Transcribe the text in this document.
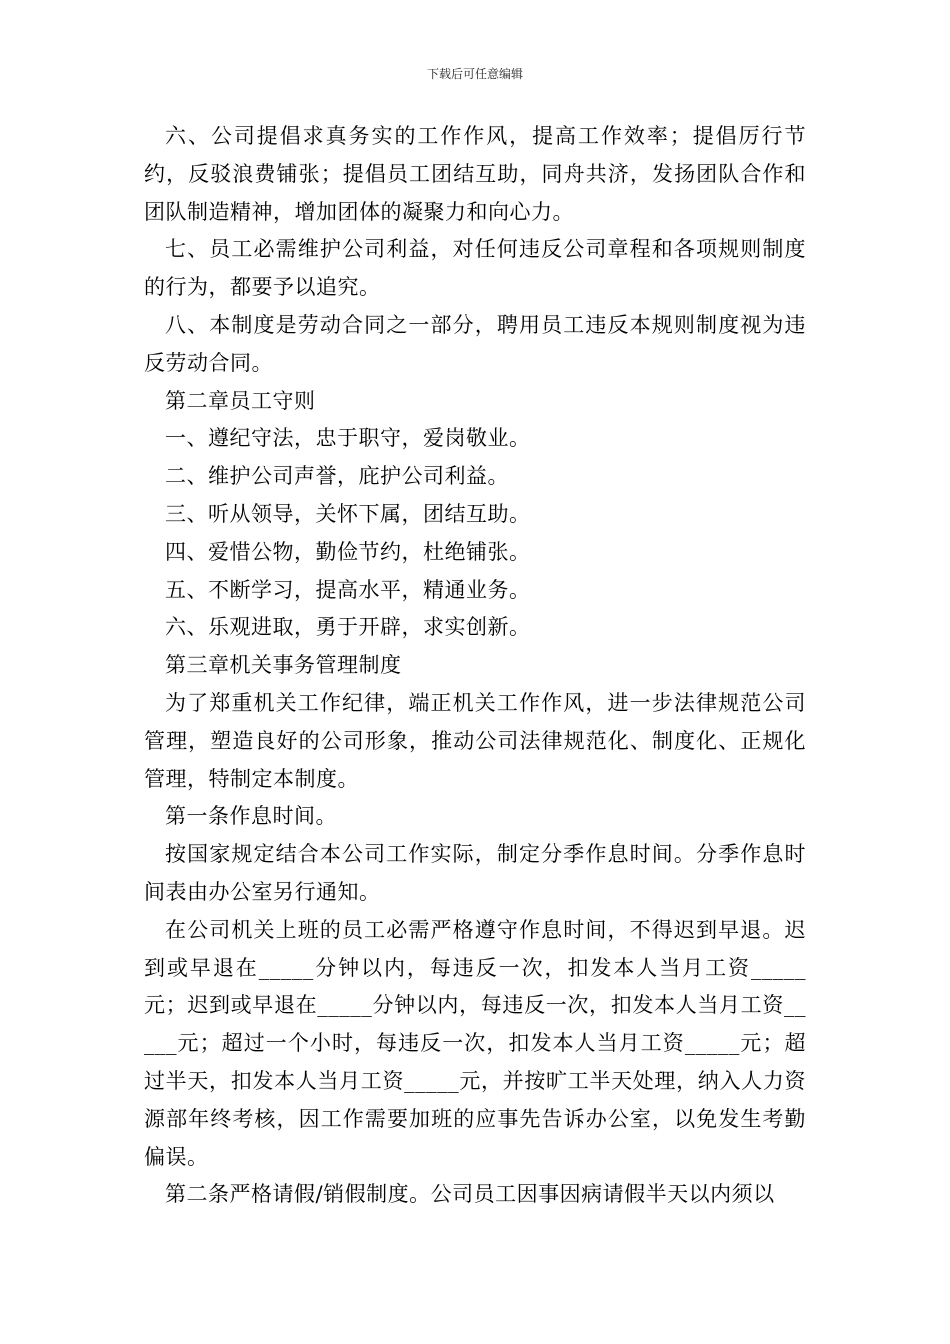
下载后可任意编辑

六、公司提倡求真务实的工作作风，提高工作效率；提倡厉行节约，反驳浪费铺张；提倡员工团结互助，同舟共济，发扬团队合作和团队制造精神，增加团体的凝聚力和向心力。

七、员工必需维护公司利益，对任何违反公司章程和各项规则制度的行为，都要予以追究。

八、本制度是劳动合同之一部分，聘用员工违反本规则制度视为违反劳动合同。

第二章员工守则

一、遵纪守法，忠于职守，爱岗敬业。

二、维护公司声誉，庇护公司利益。

三、听从领导，关怀下属，团结互助。

四、爱惜公物，勤俭节约，杜绝铺张。

五、不断学习，提高水平，精通业务。

六、乐观进取，勇于开辟，求实创新。

第三章机关事务管理制度

为了郑重机关工作纪律，端正机关工作作风，进一步法律规范公司管理，塑造良好的公司形象，推动公司法律规范化、制度化、正规化管理，特制定本制度。

第一条作息时间。

按国家规定结合本公司工作实际，制定分季作息时间。分季作息时间表由办公室另行通知。

在公司机关上班的员工必需严格遵守作息时间，不得迟到早退。迟到或早退在_____分钟以内，每违反一次，扣发本人当月工资_____元；迟到或早退在_____分钟以内，每违反一次，扣发本人当月工资_____元；超过一个小时，每违反一次，扣发本人当月工资_____元；超过半天，扣发本人当月工资_____元，并按旷工半天处理，纳入人力资源部年终考核，因工作需要加班的应事先告诉办公室，以免发生考勤偏误。

第二条严格请假/销假制度。公司员工因事因病请假半天以内须以
